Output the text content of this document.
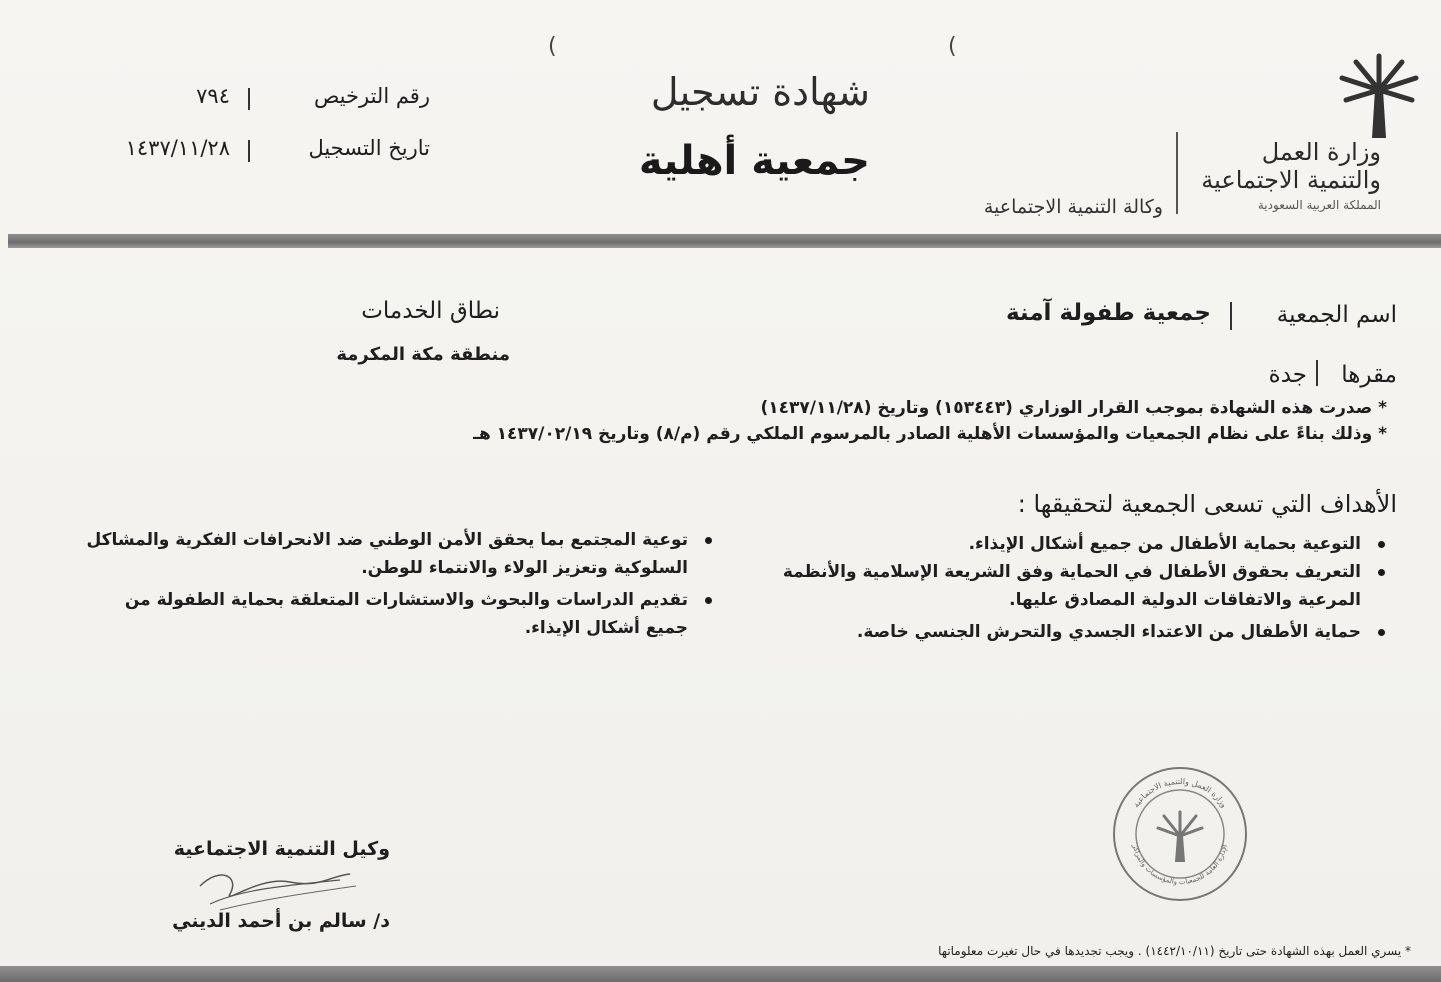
(	(
وزارة العمل
والتنمية الاجتماعية
المملكة العربية السعودية
وكالة التنمية الاجتماعية
شهادة تسجيل
جمعية أهلية
رقم الترخيص
٧٩٤
تاريخ التسجيل
١٤٣٧/١١/٢٨
اسم الجمعية
جمعية طفولة آمنة
مقرها
جدة
نطاق الخدمات
منطقة مكة المكرمة
* صدرت هذه الشهادة بموجب القرار الوزاري (١٥٣٤٤٣) وتاريخ (١٤٣٧/١١/٢٨)
* وذلك بناءً على نظام الجمعيات والمؤسسات الأهلية الصادر بالمرسوم الملكي رقم (م/٨) وتاريخ ١٤٣٧/٠٢/١٩ هـ
الأهداف التي تسعى الجمعية لتحقيقها :
التوعية بحماية الأطفال من جميع أشكال الإيذاء.
التعريف بحقوق الأطفال في الحماية وفق الشريعة الإسلامية والأنظمة المرعية والاتفاقات الدولية المصادق عليها.
حماية الأطفال من الاعتداء الجسدي والتحرش الجنسي خاصة.
توعية المجتمع بما يحقق الأمن الوطني ضد الانحرافات الفكرية والمشاكل السلوكية وتعزيز الولاء والانتماء للوطن.
تقديم الدراسات والبحوث والاستشارات المتعلقة بحماية الطفولة من جميع أشكال الإيذاء.
وزارة العمل والتنمية الاجتماعية
الإدارة العامة للجمعيات والمؤسسات والمراكز
وكيل التنمية الاجتماعية
د/ سالم بن أحمد الديني
* يسري العمل بهذه الشهادة حتى تاريخ (١٤٤٢/١٠/١١) . ويجب تجديدها في حال تغيرت معلوماتها
